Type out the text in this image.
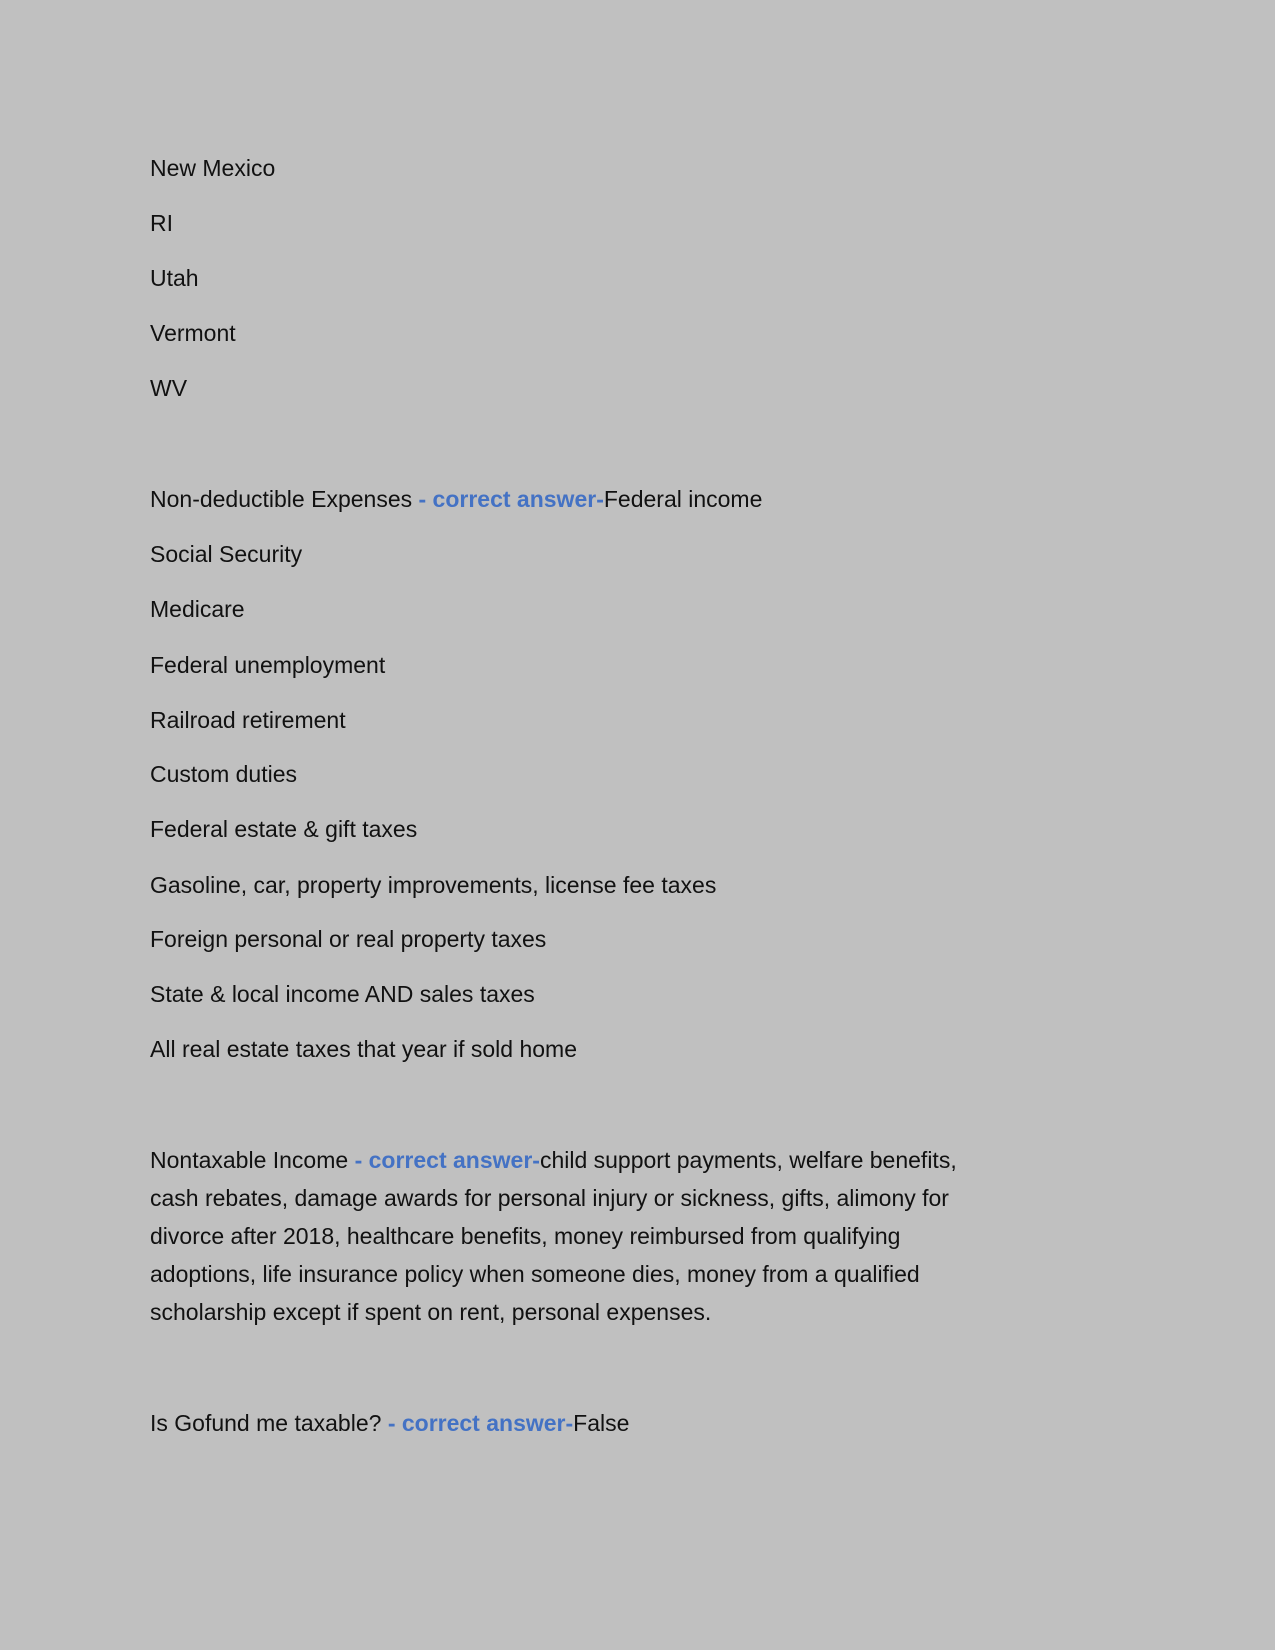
New Mexico
RI
Utah
Vermont
WV
Non-deductible Expenses - correct answer-Federal income
Social Security
Medicare
Federal unemployment
Railroad retirement
Custom duties
Federal estate & gift taxes
Gasoline, car, property improvements, license fee taxes
Foreign personal or real property taxes
State & local income AND sales taxes
All real estate taxes that year if sold home
Nontaxable Income - correct answer-child support payments, welfare benefits,
cash rebates, damage awards for personal injury or sickness, gifts, alimony for
divorce after 2018, healthcare benefits, money reimbursed from qualifying
adoptions, life insurance policy when someone dies, money from a qualified
scholarship except if spent on rent, personal expenses.
Is Gofund me taxable? - correct answer-False
